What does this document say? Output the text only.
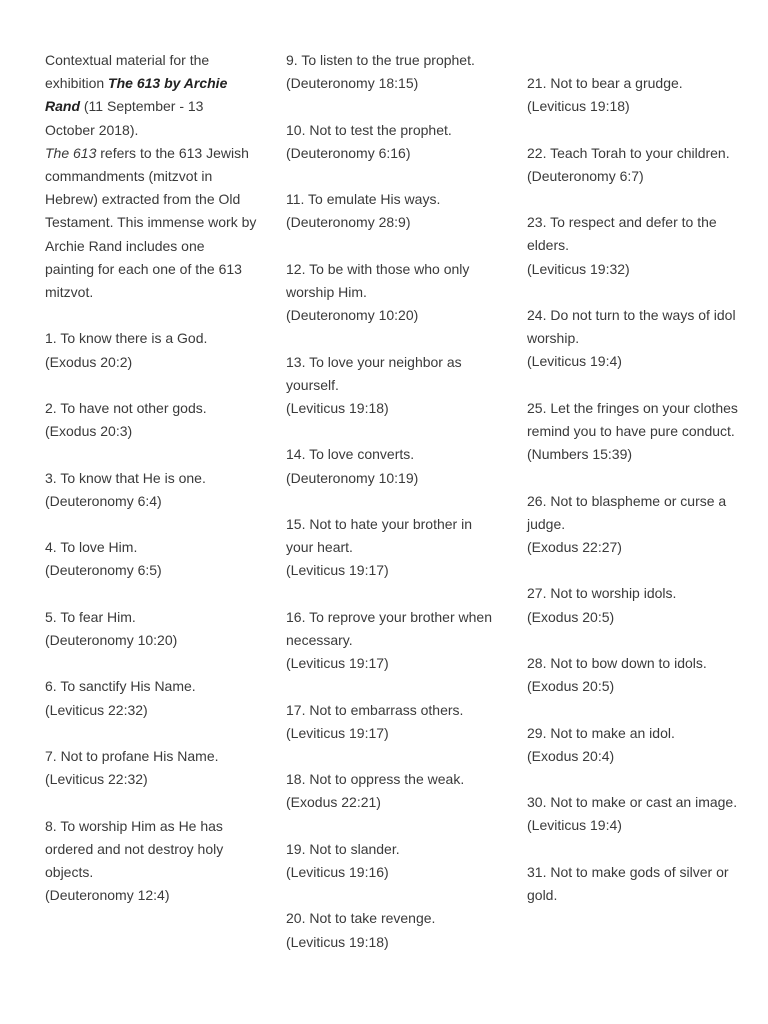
Contextual material for the exhibition The 613 by Archie Rand (11 September - 13 October 2018).
The 613 refers to the 613 Jewish commandments (mitzvot in Hebrew) extracted from the Old Testament. This immense work by Archie Rand includes one painting for each one of the 613 mitzvot.

1. To know there is a God.
(Exodus 20:2)
2. To have not other gods.
(Exodus 20:3)
3. To know that He is one.
(Deuteronomy 6:4)
4. To love Him.
(Deuteronomy 6:5)
5. To fear Him.
(Deuteronomy 10:20)
6. To sanctify His Name.
(Leviticus 22:32)
7. Not to profane His Name.
(Leviticus 22:32)
8. To worship Him as He has ordered and not destroy holy objects.
(Deuteronomy 12:4)
9. To listen to the true prophet.
(Deuteronomy 18:15)
10. Not to test the prophet.
(Deuteronomy 6:16)
11. To emulate His ways.
(Deuteronomy 28:9)
12. To be with those who only worship Him.
(Deuteronomy 10:20)
13. To love your neighbor as yourself.
(Leviticus 19:18)
14. To love converts.
(Deuteronomy 10:19)
15. Not to hate your brother in your heart.
(Leviticus 19:17)
16. To reprove your brother when necessary.
(Leviticus 19:17)
17. Not to embarrass others.
(Leviticus 19:17)
18. Not to oppress the weak.
(Exodus 22:21)
19. Not to slander.
(Leviticus 19:16)
20. Not to take revenge.
(Leviticus 19:18)
21. Not to bear a grudge.
(Leviticus 19:18)
22. Teach Torah to your children.
(Deuteronomy 6:7)
23. To respect and defer to the elders.
(Leviticus 19:32)
24. Do not turn to the ways of idol worship.
(Leviticus 19:4)
25. Let the fringes on your clothes remind you to have pure conduct.
(Numbers 15:39)
26. Not to blaspheme or curse a judge.
(Exodus 22:27)
27. Not to worship idols.
(Exodus 20:5)
28. Not to bow down to idols.
(Exodus 20:5)
29. Not to make an idol.
(Exodus 20:4)
30. Not to make or cast an image.
(Leviticus 19:4)
31. Not to make gods of silver or gold.
